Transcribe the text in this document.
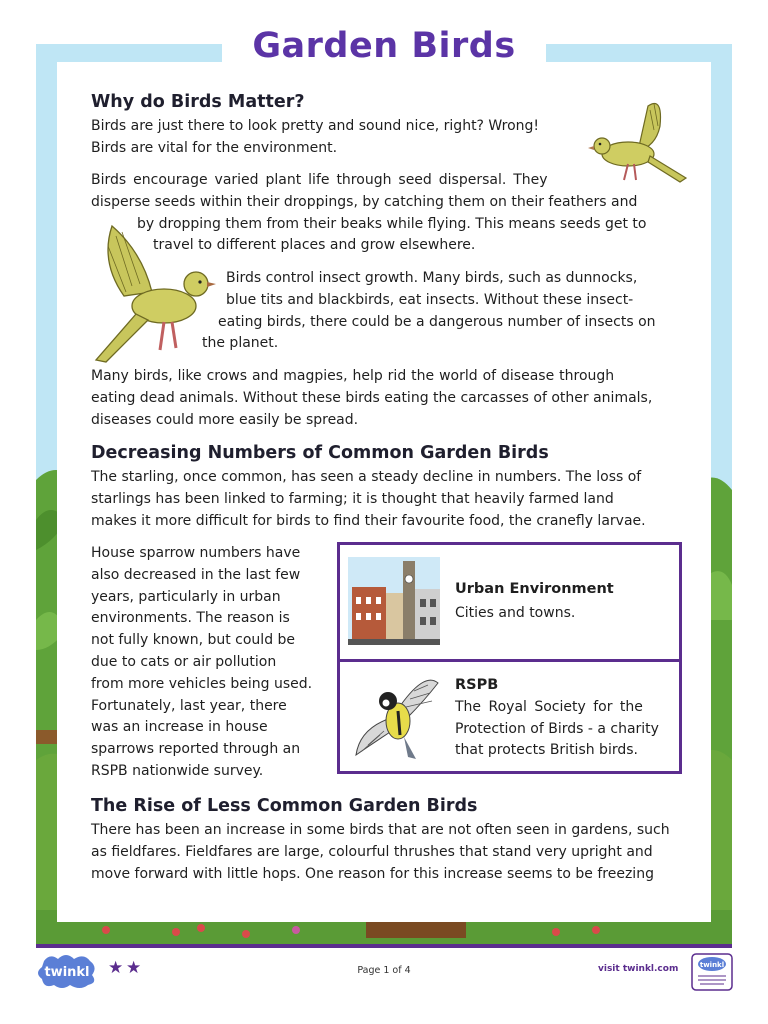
Garden Birds
Why do Birds Matter?

Birds are just there to look pretty and sound nice, right? Wrong!
Birds are vital for the environment.

Birds encourage varied plant life through seed dispersal. They
disperse seeds within their droppings, by catching them on their feathers and
by dropping them from their beaks while flying. This means seeds get to
travel to different places and grow elsewhere.

Birds control insect growth. Many birds, such as dunnocks,
blue tits and blackbirds, eat insects. Without these insect-
eating birds, there could be a dangerous number of insects on
the planet.

Many birds, like crows and magpies, help rid the world of disease through
eating dead animals. Without these birds eating the carcasses of other animals,
diseases could more easily be spread.

Decreasing Numbers of Common Garden Birds

The starling, once common, has seen a steady decline in numbers. The loss of
starlings has been linked to farming; it is thought that heavily farmed land
makes it more difficult for birds to find their favourite food, the cranefly larvae.

House sparrow numbers have
also decreased in the last few
years, particularly in urban
environments. The reason is
not fully known, but could be
due to cats or air pollution
from more vehicles being used.
Fortunately, last year, there
was an increase in house
sparrows reported through an
RSPB nationwide survey.

Urban Environment

Cities and towns.

RSPB

The Royal Society for the
Protection of Birds - a charity
that protects British birds.

The Rise of Less Common Garden Birds

There has been an increase in some birds that are not often seen in gardens, such
as fieldfares. Fieldfares are large, colourful thrushes that stand very upright and
move forward with little hops. One reason for this increase seems to be freezing

twinkl ★ ★	Page 1 of 4	visit twinkl.com	twinkl
